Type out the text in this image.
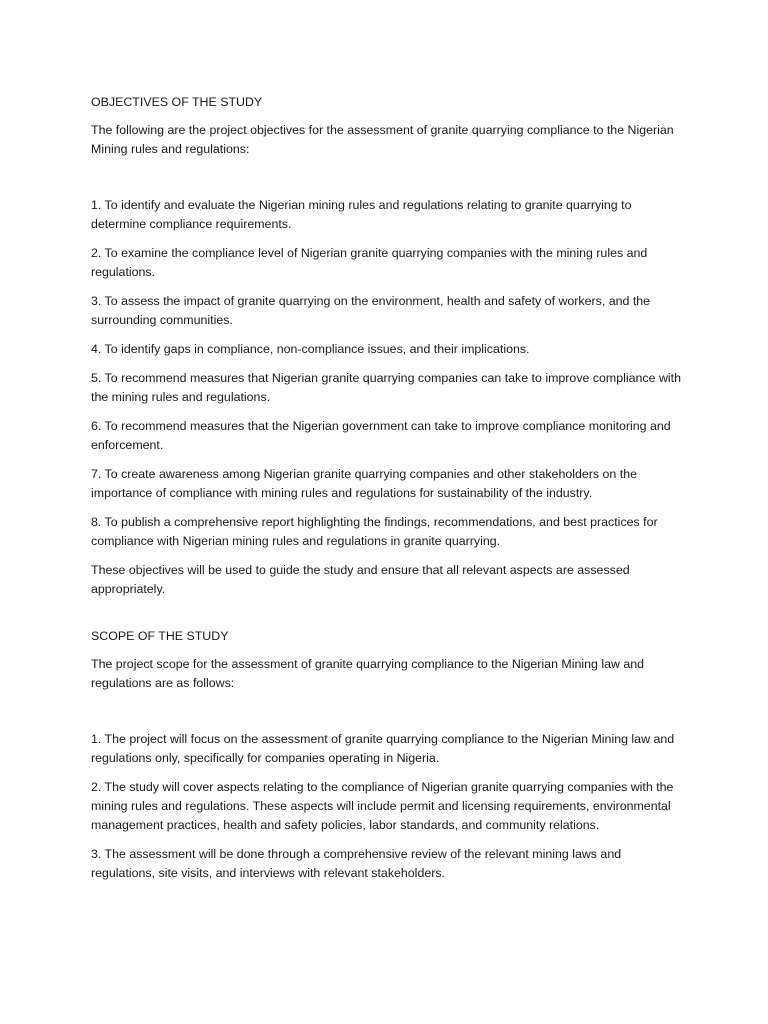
OBJECTIVES OF THE STUDY
The following are the project objectives for the assessment of granite quarrying compliance to the Nigerian Mining rules and regulations:
1. To identify and evaluate the Nigerian mining rules and regulations relating to granite quarrying to determine compliance requirements.
2. To examine the compliance level of Nigerian granite quarrying companies with the mining rules and regulations.
3. To assess the impact of granite quarrying on the environment, health and safety of workers, and the surrounding communities.
4. To identify gaps in compliance, non-compliance issues, and their implications.
5. To recommend measures that Nigerian granite quarrying companies can take to improve compliance with the mining rules and regulations.
6. To recommend measures that the Nigerian government can take to improve compliance monitoring and enforcement.
7. To create awareness among Nigerian granite quarrying companies and other stakeholders on the importance of compliance with mining rules and regulations for sustainability of the industry.
8. To publish a comprehensive report highlighting the findings, recommendations, and best practices for compliance with Nigerian mining rules and regulations in granite quarrying.
These objectives will be used to guide the study and ensure that all relevant aspects are assessed appropriately.
SCOPE OF THE STUDY
The project scope for the assessment of granite quarrying compliance to the Nigerian Mining law and regulations are as follows:
1. The project will focus on the assessment of granite quarrying compliance to the Nigerian Mining law and regulations only, specifically for companies operating in Nigeria.
2. The study will cover aspects relating to the compliance of Nigerian granite quarrying companies with the mining rules and regulations. These aspects will include permit and licensing requirements, environmental management practices, health and safety policies, labor standards, and community relations.
3. The assessment will be done through a comprehensive review of the relevant mining laws and regulations, site visits, and interviews with relevant stakeholders.
